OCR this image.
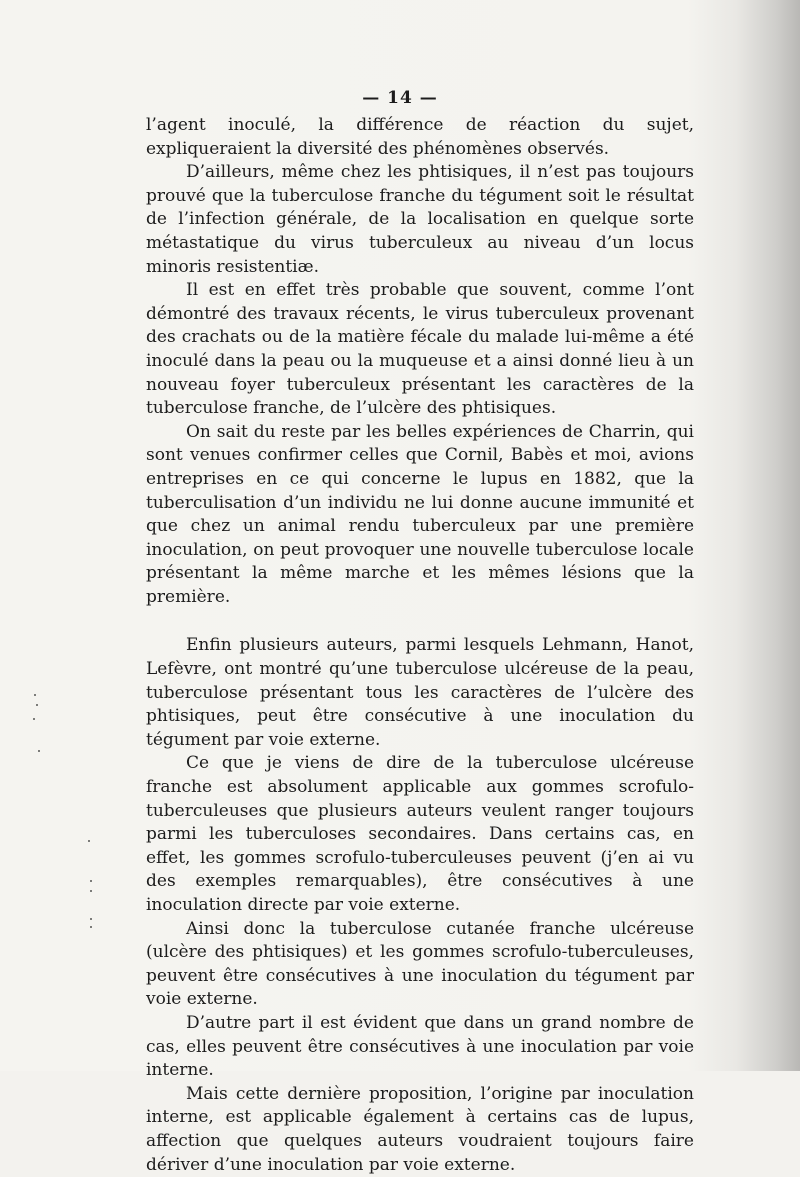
— 14 —

l’agent inoculé, la différence de réaction du sujet, expliqueraient la diversité des phénomènes observés.

D’ailleurs, même chez les phtisiques, il n’est pas toujours prouvé que la tuberculose franche du tégument soit le résultat de l’infection générale, de la localisation en quelque sorte métastatique du virus tuberculeux au niveau d’un locus minoris resistentiæ.

Il est en effet très probable que souvent, comme l’ont démontré des travaux récents, le virus tuberculeux provenant des crachats ou de la matière fécale du malade lui-même a été inoculé dans la peau ou la muqueuse et a ainsi donné lieu à un nouveau foyer tuberculeux présentant les caractères de la tuberculose franche, de l’ulcère des phtisiques.

On sait du reste par les belles expériences de Charrin, qui sont venues confirmer celles que Cornil, Babès et moi, avions entreprises en ce qui concerne le lupus en 1882, que la tuberculisation d’un individu ne lui donne aucune immunité et que chez un animal rendu tuberculeux par une première inoculation, on peut provoquer une nouvelle tuberculose locale présentant la même marche et les mêmes lésions que la première.

Enfin plusieurs auteurs, parmi lesquels Lehmann, Hanot, Lefèvre, ont montré qu’une tuberculose ulcéreuse de la peau, tuberculose présentant tous les caractères de l’ulcère des phtisiques, peut être consécutive à une inoculation du tégument par voie externe.

Ce que je viens de dire de la tuberculose ulcéreuse franche est absolument applicable aux gommes scrofulo-tuberculeuses que plusieurs auteurs veulent ranger toujours parmi les tuberculoses secondaires. Dans certains cas, en effet, les gommes scrofulo-tuberculeuses peuvent (j’en ai vu des exemples remarquables), être consécutives à une inoculation directe par voie externe.

Ainsi donc la tuberculose cutanée franche ulcéreuse (ulcère des phtisiques) et les gommes scrofulo-tuberculeuses, peuvent être consécutives à une inoculation du tégument par voie externe.

D’autre part il est évident que dans un grand nombre de cas, elles peuvent être consécutives à une inoculation par voie interne.

Mais cette dernière proposition, l’origine par inoculation interne, est applicable également à certains cas de lupus, affection que quelques auteurs voudraient toujours faire dériver d’une inoculation par voie externe.
